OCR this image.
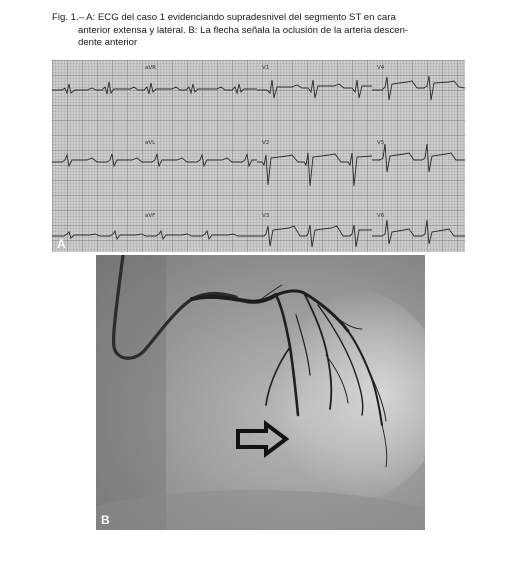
Fig. 1.– A: ECG del caso 1 evidenciando supradesnivel del segmento ST en cara
anterior extensa y lateral. B: La flecha señala la oclusión de la arteria descen-
dente anterior
aVR	V1	V4
aVL	V2	V5
aVF	V3	V6
A
B
